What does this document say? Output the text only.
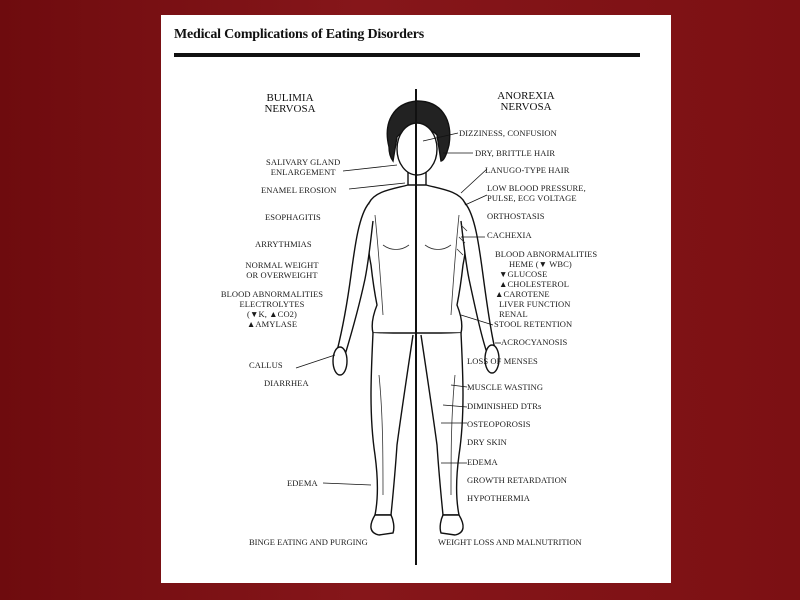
Medical Complications of Eating Disorders
BULIMIA
NERVOSA
ANOREXIA
NERVOSA
SALIVARY GLAND
ENLARGEMENT
ENAMEL EROSION
ESOPHAGITIS
ARRYTHMIAS
NORMAL WEIGHT
OR OVERWEIGHT
BLOOD ABNORMALITIES
ELECTROLYTES
(▼K, ▲CO2)
▲AMYLASE
CALLUS
DIARRHEA
EDEMA
DIZZINESS, CONFUSION
DRY, BRITTLE HAIR
LANUGO-TYPE HAIR
LOW BLOOD PRESSURE,
PULSE, ECG VOLTAGE
ORTHOSTASIS
CACHEXIA
BLOOD ABNORMALITIES
HEME (▼ WBC)
▼GLUCOSE
▲CHOLESTEROL
▲CAROTENE
LIVER FUNCTION
RENAL
STOOL RETENTION
ACROCYANOSIS
LOSS OF MENSES
MUSCLE WASTING
DIMINISHED DTRs
OSTEOPOROSIS
DRY SKIN
EDEMA
GROWTH RETARDATION
HYPOTHERMIA
BINGE EATING AND PURGING	WEIGHT LOSS AND MALNUTRITION
